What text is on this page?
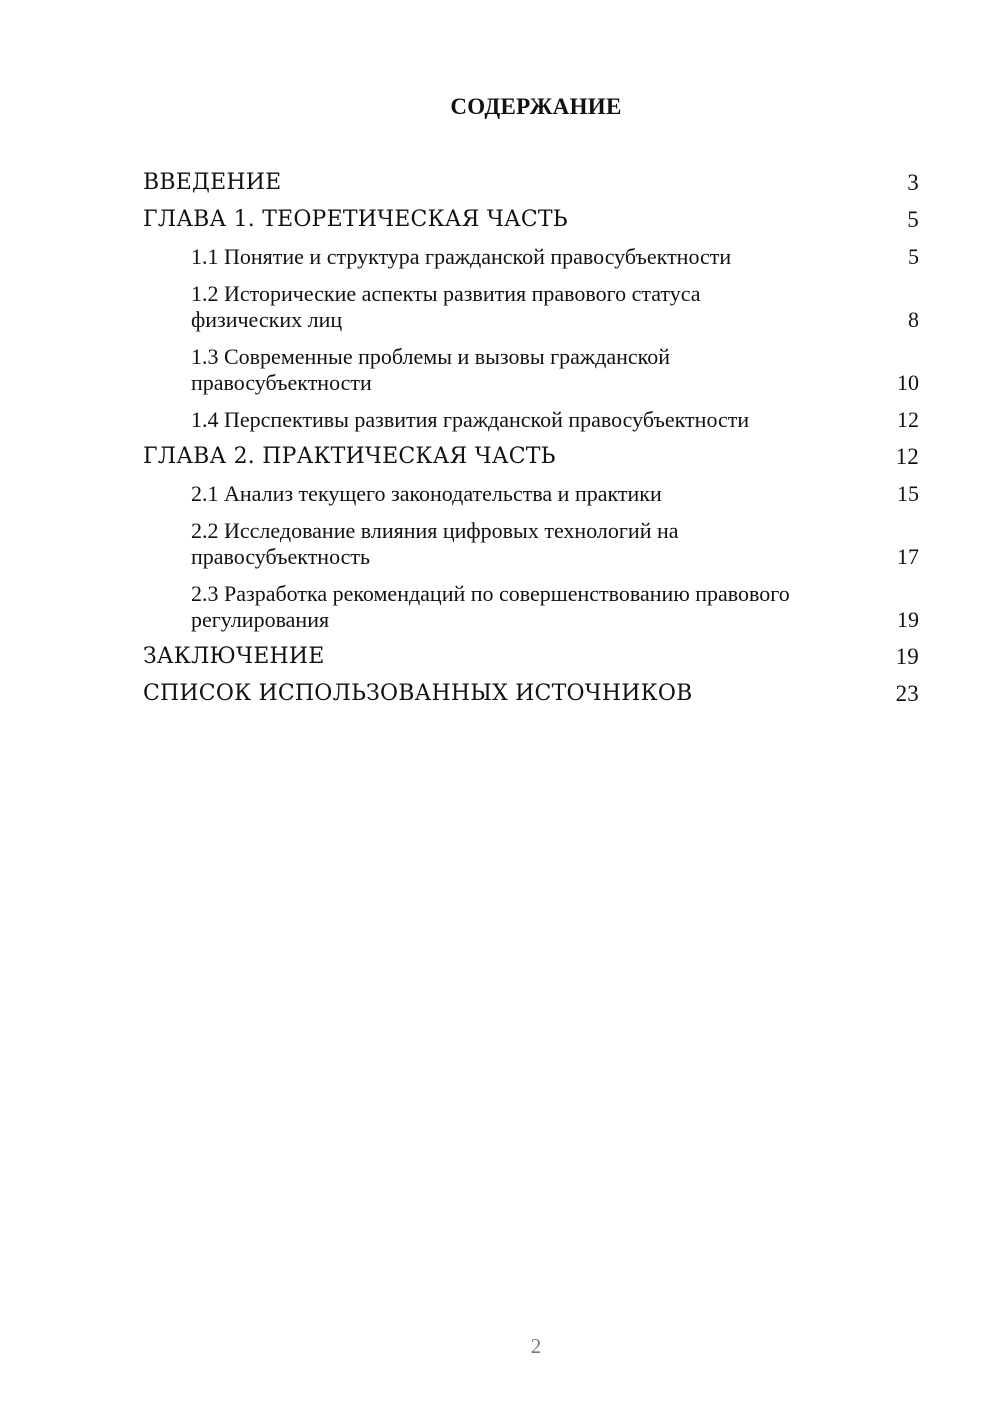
СОДЕРЖАНИЕ
ВВЕДЕНИЕ	3
ГЛАВА 1. ТЕОРЕТИЧЕСКАЯ ЧАСТЬ	5
1.1 Понятие и структура гражданской правосубъектности	5
1.2 Исторические аспекты развития правового статуса физических лиц	8
1.3 Современные проблемы и вызовы гражданской правосубъектности	10
1.4 Перспективы развития гражданской правосубъектности	12
ГЛАВА 2. ПРАКТИЧЕСКАЯ ЧАСТЬ	12
2.1 Анализ текущего законодательства и практики	15
2.2 Исследование влияния цифровых технологий на правосубъектность	17
2.3 Разработка рекомендаций по совершенствованию правового регулирования	19
ЗАКЛЮЧЕНИЕ	19
СПИСОК ИСПОЛЬЗОВАННЫХ ИСТОЧНИКОВ	23
2
